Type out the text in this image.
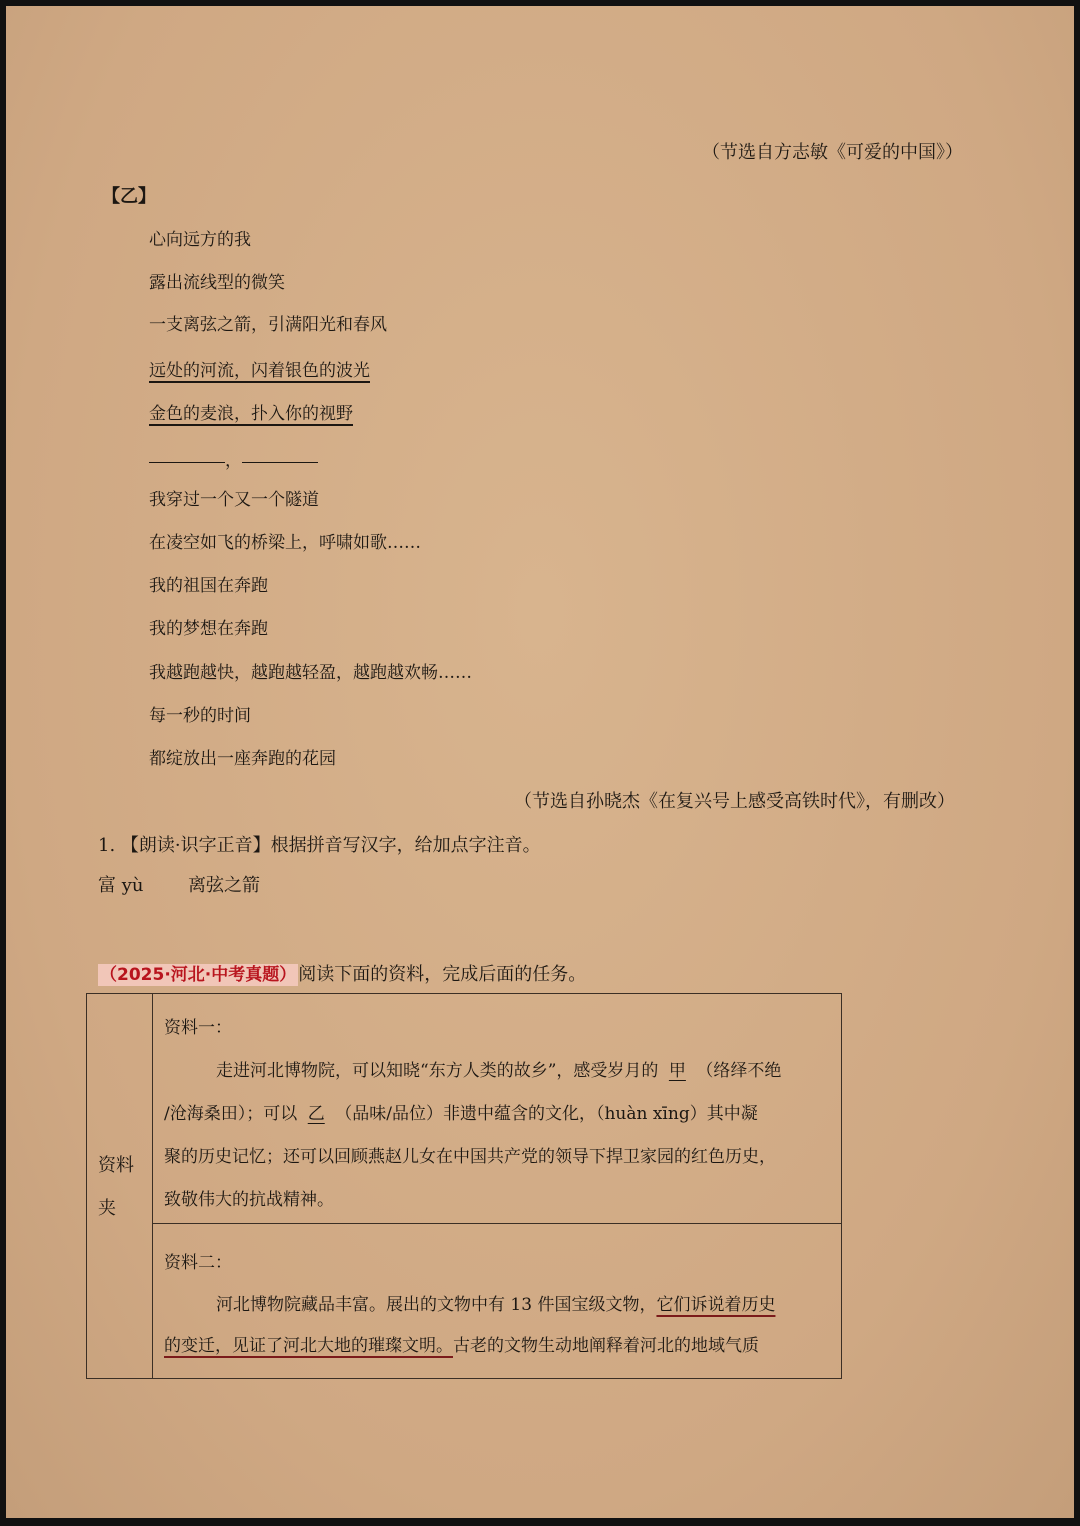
（节选自方志敏《可爱的中国》）
【乙】
心向远方的我
露出流线型的微笑
一支离弦之箭，引满阳光和春风
远处的河流，闪着银色的波光
金色的麦浪，扑入你的视野
，
我穿过一个又一个隧道
在凌空如飞的桥梁上，呼啸如歌……
我的祖国在奔跑
我的梦想在奔跑
我越跑越快，越跑越轻盈，越跑越欢畅……
每一秒的时间
都绽放出一座奔跑的花园
（节选自孙晓杰《在复兴号上感受高铁时代》，有删改）
1. 【朗读·识字正音】根据拼音写汉字，给加点字注音。
富 yù 离弦之箭
（2025·河北·中考真题） 阅读下面的资料，完成后面的任务。
资料
夹
资料一：
走进河北博物院，可以知晓“东方人类的故乡”，感受岁月的 甲 （络绎不绝
/沧海桑田）；可以 乙 （品味/品位）非遗中蕴含的文化，（huàn xīng）其中凝
聚的历史记忆；还可以回顾燕赵儿女在中国共产党的领导下捍卫家园的红色历史，
致敬伟大的抗战精神。
资料二：
河北博物院藏品丰富。展出的文物中有 13 件国宝级文物，它们诉说着历史
的变迁，见证了河北大地的璀璨文明。古老的文物生动地阐释着河北的地域气质
